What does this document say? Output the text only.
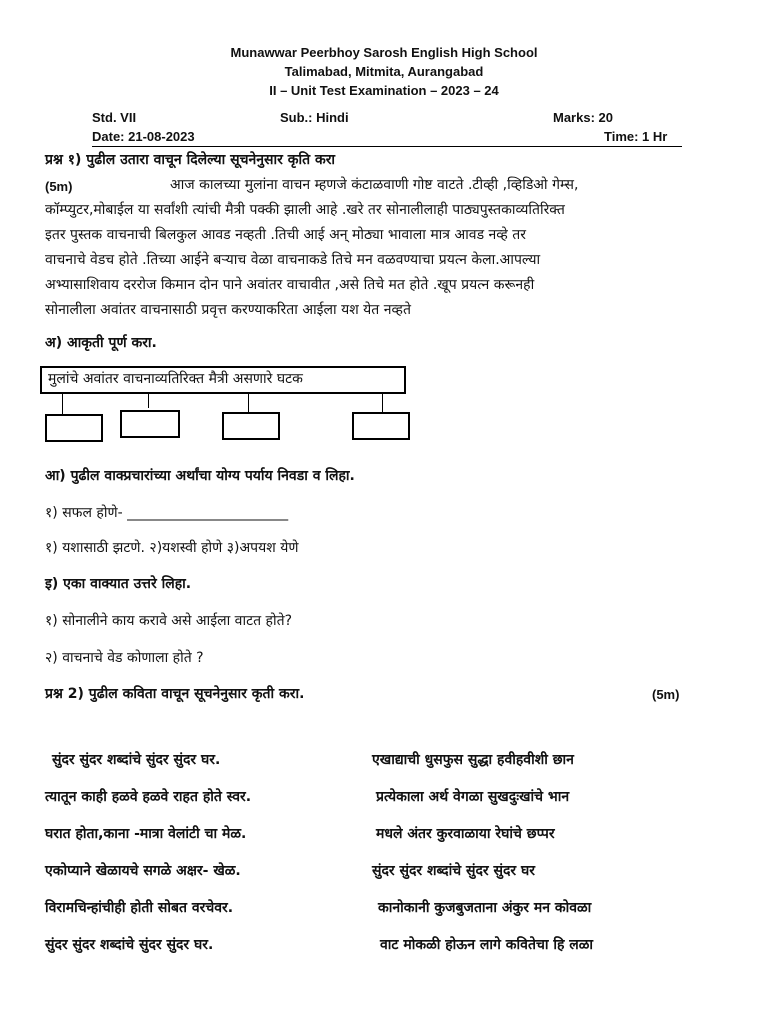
Munawwar Peerbhoy Sarosh English High School
Talimabad, Mitmita, Aurangabad
II – Unit Test Examination – 2023 – 24
Std. VII	Sub.: Hindi	Marks: 20
Date: 21-08-2023	Time: 1 Hr
प्रश्न १) पुढील उतारा वाचून दिलेल्या सूचनेनुसार कृति करा
(5m)	आज कालच्या मुलांना वाचन म्हणजे कंटाळवाणी गोष्ट वाटते .टीव्ही ,व्हिडिओ गेम्स,
कॉम्प्युटर,मोबाईल या सर्वांशी त्यांची मैत्री पक्की झाली आहे .खरे तर सोनालीलाही पाठ्यपुस्तकाव्यतिरिक्त
इतर पुस्तक वाचनाची बिलकुल आवड नव्हती .तिची आई अन् मोठ्या भावाला मात्र आवड नव्हे तर
वाचनाचे वेडच होते .तिच्या आईने बऱ्याच वेळा वाचनाकडे तिचे मन वळवण्याचा प्रयत्न केला.आपल्या
अभ्यासाशिवाय दररोज किमान दोन पाने अवांतर वाचावीत ,असे तिचे मत होते .खूप प्रयत्न करूनही
सोनालीला अवांतर वाचनासाठी प्रवृत्त करण्याकरिता आईला यश येत नव्हते
अ) आकृती पूर्ण करा.
मुलांचे अवांतर वाचनाव्यतिरिक्त मैत्री असणारे घटक
आ) पुढील वाक्प्रचारांच्या अर्थांचा योग्य पर्याय निवडा व लिहा.
१) सफल होणे- _______________________
१) यशासाठी झटणे. २)यशस्वी होणे ३)अपयश येणे
इ) एका वाक्यात उत्तरे लिहा.
१) सोनालीने काय करावे असे आईला वाटत होते?
२) वाचनाचे वेड कोणाला होते ?
प्रश्न 2) पुढील कविता वाचून सूचनेनुसार कृती करा.	(5m)
सुंदर सुंदर शब्दांचे सुंदर सुंदर घर.
त्यातून काही हळवे हळवे राहत होते स्वर.
घरात होता,काना -मात्रा वेलांटी चा मेळ.
एकोप्याने खेळायचे सगळे अक्षर- खेळ.
विरामचिन्हांचीही होती सोबत वरचेवर.
सुंदर सुंदर शब्दांचे सुंदर सुंदर घर.
एखाद्याची धुसफुस सुद्धा हवीहवीशी छान
प्रत्येकाला अर्थ वेगळा सुखदुःखांचे भान
मधले अंतर कुरवाळाया रेघांचे छप्पर
सुंदर सुंदर शब्दांचे सुंदर सुंदर घर
कानोकानी कुजबुजताना अंकुर मन कोवळा
वाट मोकळी होऊन लागे कवितेचा हि लळा
